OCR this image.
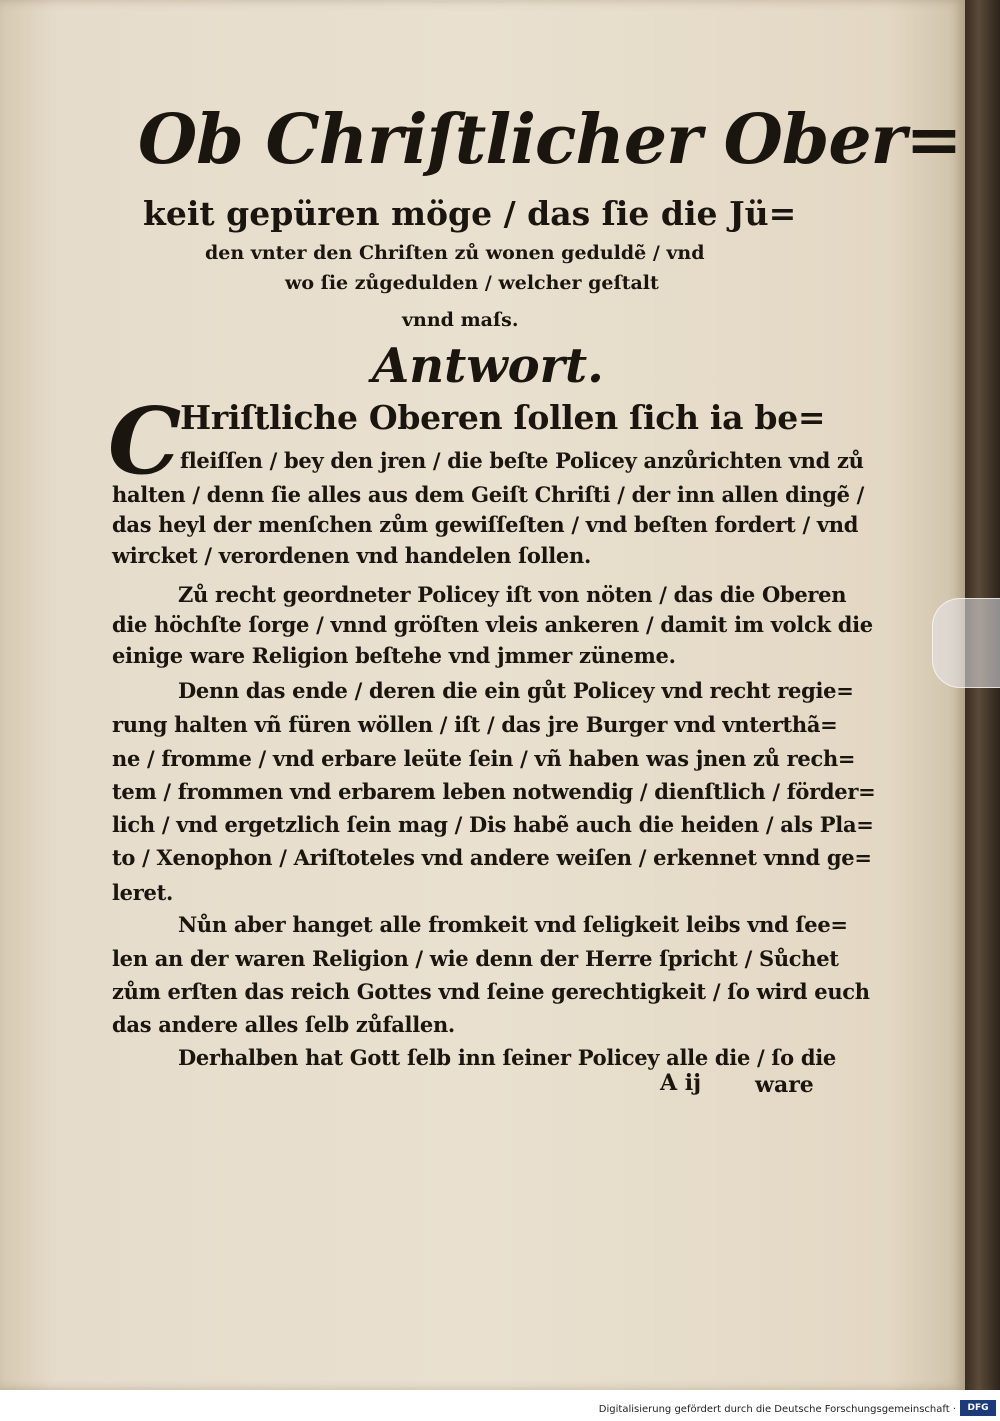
Ob Chriſtlicher Ober=
keit gepüren möge / das ſie die Jü=
den vnter den Chriſten zů wonen geduldẽ / vnd
wo ſie zůgedulden / welcher geſtalt
vnnd maſs.
Antwort.
C
Hriſtliche Oberen ſollen ſich ia be=
fleiſſen / bey den jren / die beſte Policey anzůrichten vnd zů
halten / denn ſie alles aus dem Geiſt Chriſti / der inn allen dingẽ /
das heyl der menſchen zům gewiſſeſten / vnd beſten fordert / vnd
wircket / verordenen vnd handelen ſollen.
Zů recht geordneter Policey iſt von nöten / das die Oberen
die höchſte ſorge / vnnd gröſten vleis ankeren / damit im volck die
einige ware Religion beſtehe vnd jmmer züneme.
Denn das ende / deren die ein gůt Policey vnd recht regie=
rung halten vñ füren wöllen / iſt / das jre Burger vnd vnterthã=
ne / fromme / vnd erbare leüte ſein / vñ haben was jnen zů rech=
tem / frommen vnd erbarem leben notwendig / dienſtlich / förder=
lich / vnd ergetzlich ſein mag / Dis habẽ auch die heiden / als Pla=
to / Xenophon / Ariſtoteles vnd andere weiſen / erkennet vnnd ge=
leret.
Nůn aber hanget alle fromkeit vnd ſeligkeit leibs vnd ſee=
len an der waren Religion / wie denn der Herre ſpricht / Sůchet
zům erſten das reich Gottes vnd ſeine gerechtigkeit / ſo wird euch
das andere alles ſelb zůfallen.
Derhalben hat Gott ſelb inn ſeiner Policey alle die / ſo die
A ij ware
Digitalisierung gefördert durch die Deutsche Forschungsgemeinschaft ·	DFG
